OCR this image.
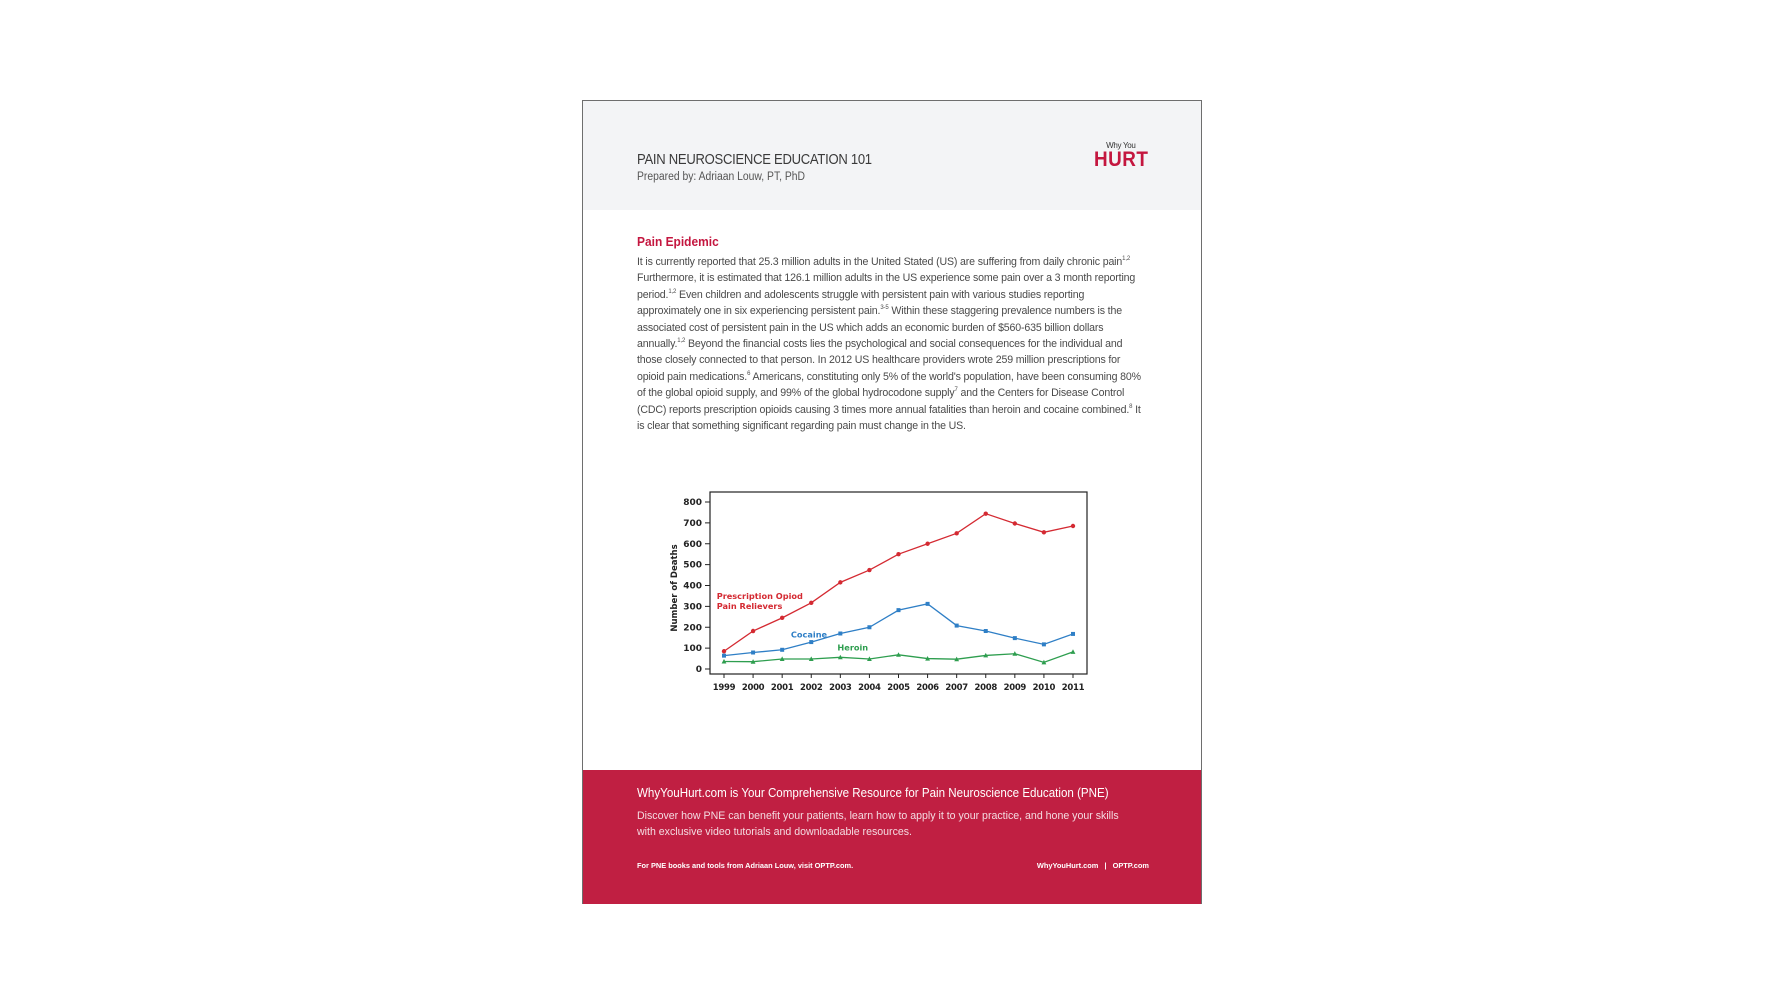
PAIN NEUROSCIENCE EDUCATION 101
Prepared by: Adriaan Louw, PT, PhD
Why You
HURT
Pain Epidemic

It is currently reported that 25.3 million adults in the United Stated (US) are suffering from daily chronic pain$^{1,2}$ Furthermore, it is estimated that 126.1 million adults in the US experience some pain over a 3 month reporting period.$^{1,2}$ Even children and adolescents struggle with persistent pain with various studies reporting approximately one in six experiencing persistent pain.$^{3-5}$ Within these staggering prevalence numbers is the associated cost of persistent pain in the US which adds an economic burden of $560-635 billion dollars annually.$^{1,2}$ Beyond the financial costs lies the psychological and social consequences for the individual and those closely connected to that person. In 2012 US healthcare providers wrote 259 million prescriptions for opioid pain medications.$^6$ Americans, constituting only 5% of the world's population, have been consuming 80% of the global opioid supply, and 99% of the global hydrocodone supply$^7$ and the Centers for Disease Control (CDC) reports prescription opioids causing 3 times more annual fatalities than heroin and cocaine combined.$^8$ It is clear that something significant regarding pain must change in the US.

0
100
200
300
400
500
600
700
800
1999 2000 2001 2002 2003 2004 2005 2006 2007 2008 2009 2010 2011
Number of Deaths	Prescription Opiod
Pain Relievers
Cocaine
Heroin
WhyYouHurt.com is Your Comprehensive Resource for Pain Neuroscience Education (PNE)
Discover how PNE can benefit your patients, learn how to apply it to your practice, and hone your skills with exclusive video tutorials and downloadable resources.
For PNE books and tools from Adriaan Louw, visit OPTP.com.	WhyYouHurt.com | OPTP.com
